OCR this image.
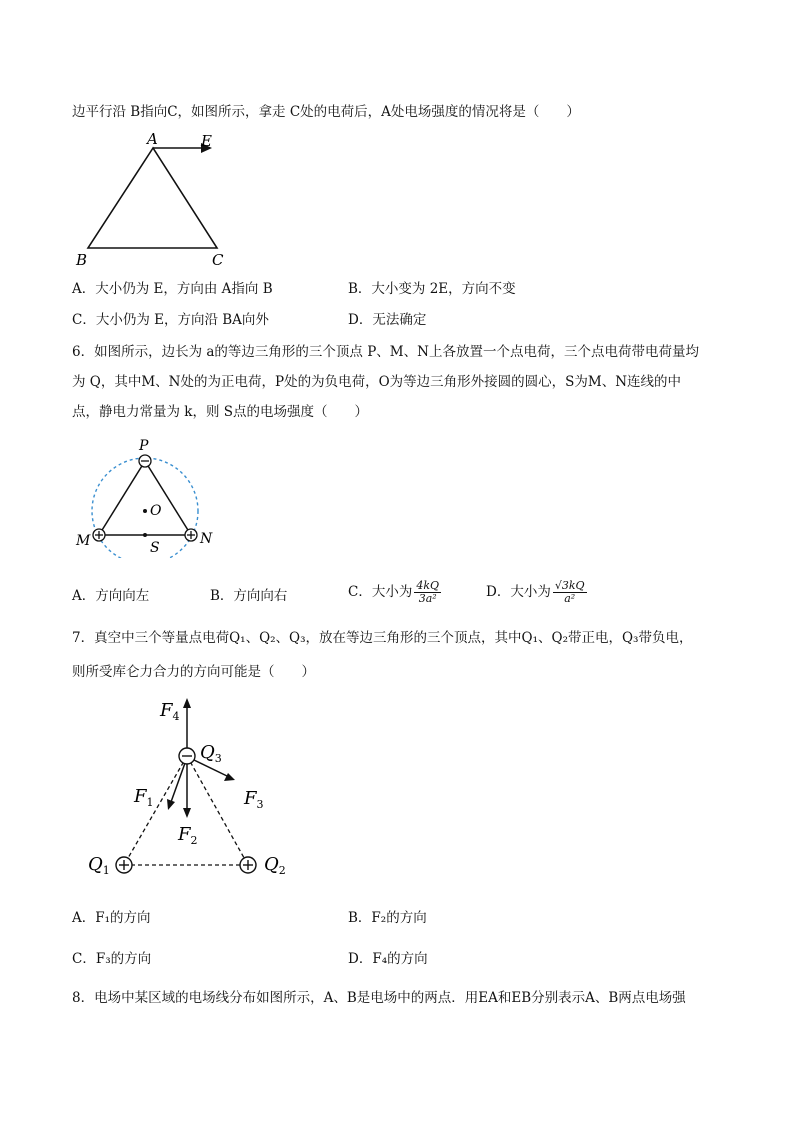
边平行沿 B指向C，如图所示，拿走 C处的电荷后，A处电场强度的情况将是（　　）
A	E
B	C
A．大小仍为 E，方向由 A指向 B	B．大小变为 2E，方向不变
C．大小仍为 E，方向沿 BA向外	D．无法确定
6．如图所示，边长为 a的等边三角形的三个顶点 P、M、N上各放置一个点电荷，三个点电荷带电荷量均
为 Q，其中M、N处的为正电荷，P处的为负电荷，O为等边三角形外接圆的圆心，S为M、N连线的中
点，静电力常量为 k，则 S点的电场强度（　　）
P
O
M	N
S
A．方向向左	B．方向向右	C．大小为 $\frac{4kQ}{\text{3a²}}$	D．大小为 $\frac{√3kQ}{\text{a²}}$
7．真空中三个等量点电荷Q₁、Q₂、Q₃，放在等边三角形的三个顶点，其中Q₁、Q₂带正电，Q₃带负电，
则所受库仑力合力的方向可能是（　　）
$F_4$
$Q_3$
$F_1$	$F_3$
$F_2$
$Q_1$	$Q_2$
A．F₁的方向	B．F₂的方向
C．F₃的方向	D．F₄的方向
8．电场中某区域的电场线分布如图所示，A、B是电场中的两点．用EA和EB分别表示A、B两点电场强
